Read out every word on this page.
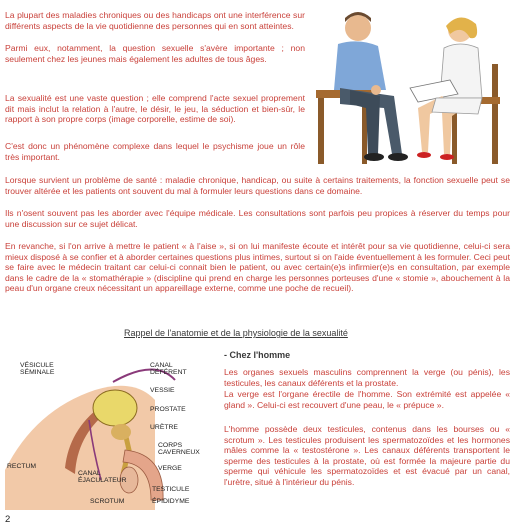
La plupart des maladies chroniques ou des handicaps ont une interférence sur différents aspects de la vie quotidienne des personnes qui en sont atteintes.

Parmi eux, notamment, la question sexuelle s'avère importante ; non seulement chez les jeunes mais également les adultes de tous âges.

La sexualité est une vaste question ; elle comprend l'acte sexuel proprement dit mais inclut la relation à l'autre, le désir, le jeu, la séduction et bien-sûr, le rapport à son propre corps (image corporelle, estime de soi).

C'est donc un phénomène complexe dans lequel le psychisme joue un rôle très important.

Lorsque survient un problème de santé : maladie chronique, handicap, ou suite à certains traitements, la fonction sexuelle peut se trouver altérée et les patients ont souvent du mal à formuler leurs questions dans ce domaine.

Ils n'osent souvent pas les aborder avec l'équipe médicale. Les consultations sont parfois peu propices à réserver du temps pour une discussion sur ce sujet délicat.

En revanche, si l'on arrive à mettre le patient « à l'aise », si on lui manifeste écoute et intérêt pour sa vie quotidienne, celui-ci sera mieux disposé à se confier et à aborder certaines questions plus intimes, surtout si on l'aide éventuellement à les formuler. Ceci peut se faire avec le médecin traitant car celui-ci connait bien le patient, ou avec certain(e)s infirmier(e)s en consultation, par exemple dans le cadre de la « stomathérapie » (discipline qui prend en charge les personnes porteuses d'une « stomie », abouchement à la peau d'un organe creux nécessitant un appareillage externe, comme une poche de recueil).

Rappel de l'anatomie et de la physiologie de la sexualité
- Chez l'homme
VÉSICULE
SÉMINALE
CANAL
DÉFÉRENT
VESSIE
PROSTATE
URÈTRE
CORPS
CAVERNEUX
VERGE
RECTUM
CANAL
ÉJACULATEUR
TESTICULE
SCROTUM	ÉPIDIDYME

Les organes sexuels masculins comprennent la verge (ou pénis), les testicules, les canaux déférents et la prostate.

La verge est l'organe érectile de l'homme. Son extrémité est appelée « gland ». Celui-ci est recouvert d'une peau, le « prépuce ».

L'homme possède deux testicules, contenus dans les bourses ou « scrotum ». Les testicules produisent les spermatozoïdes et les hormones mâles comme la « testostérone ». Les canaux déférents transportent le sperme des testicules à la prostate, où est formée la majeure partie du sperme qui véhicule les spermatozoïdes et est évacué par un canal, l'urètre, situé à l'intérieur du pénis.

2
